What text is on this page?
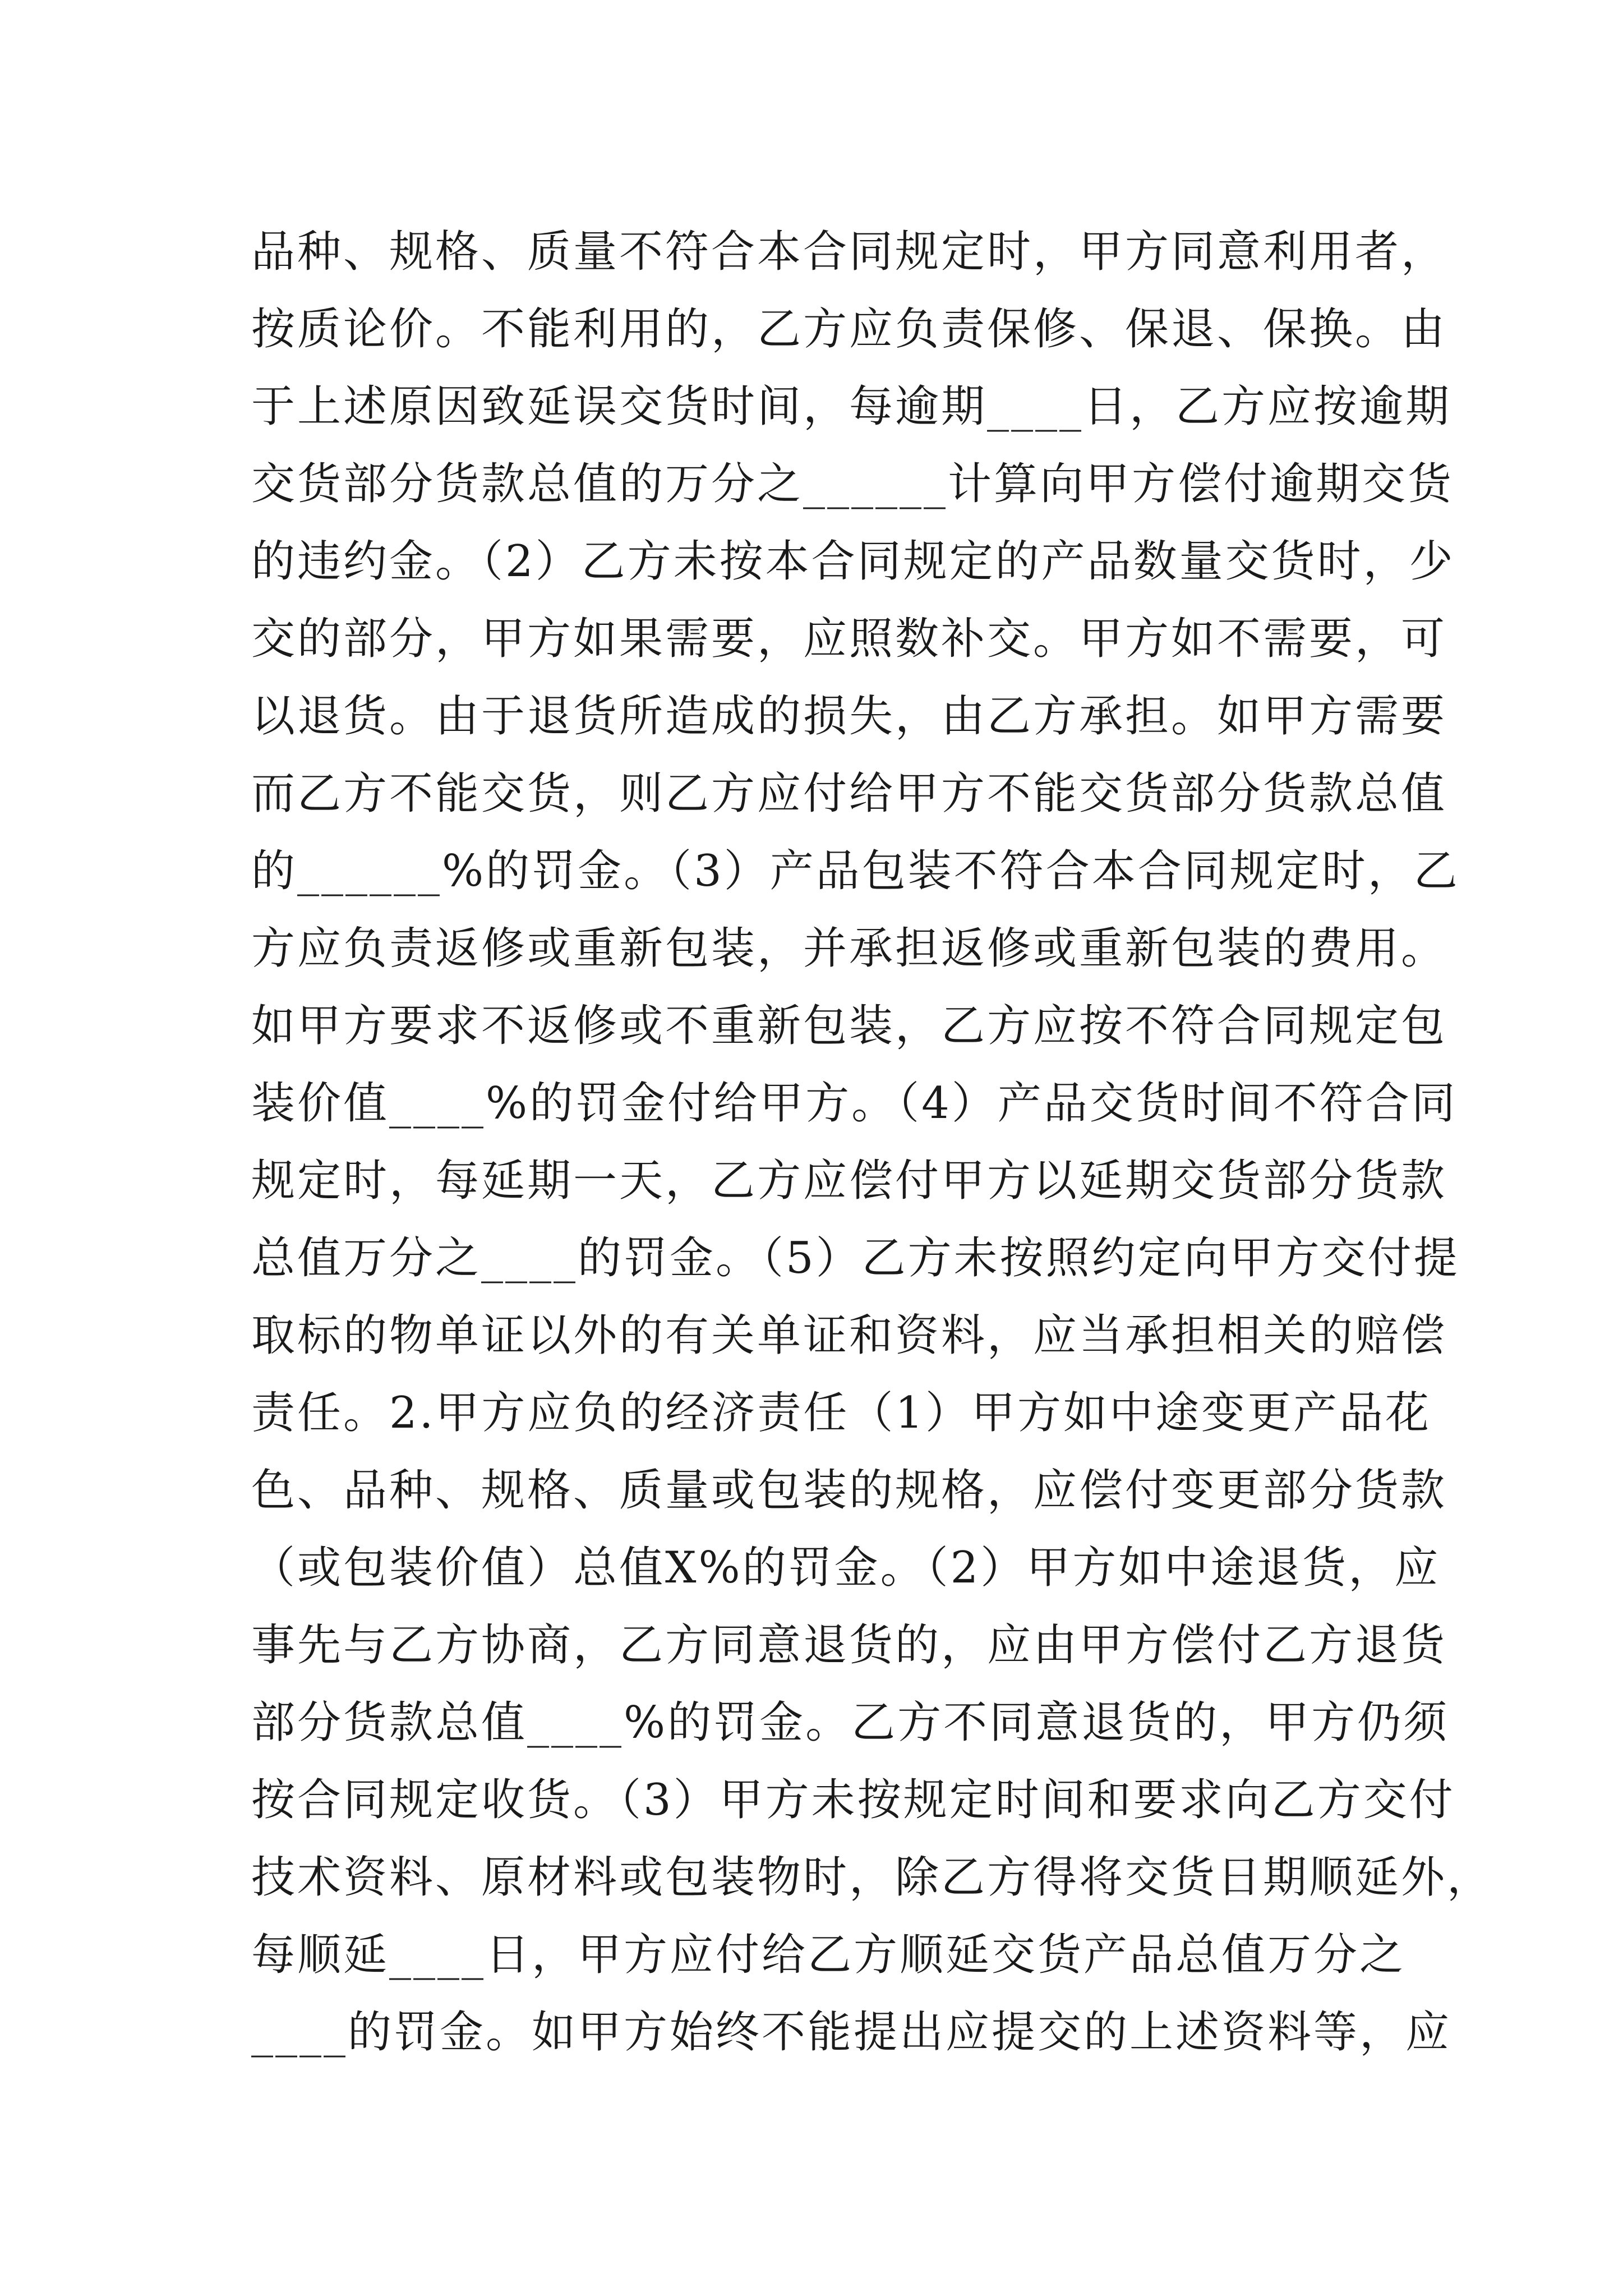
品种、规格、质量不符合本合同规定时，甲方同意利用者，
按质论价。不能利用的，乙方应负责保修、保退、保换。由
于上述原因致延误交货时间，每逾期____日，乙方应按逾期
交货部分货款总值的万分之______计算向甲方偿付逾期交货
的违约金。（2）乙方未按本合同规定的产品数量交货时，少
交的部分，甲方如果需要，应照数补交。甲方如不需要，可
以退货。由于退货所造成的损失，由乙方承担。如甲方需要
而乙方不能交货，则乙方应付给甲方不能交货部分货款总值
的______%的罚金。（3）产品包装不符合本合同规定时，乙
方应负责返修或重新包装，并承担返修或重新包装的费用。
如甲方要求不返修或不重新包装，乙方应按不符合同规定包
装价值____%的罚金付给甲方。（4）产品交货时间不符合同
规定时，每延期一天，乙方应偿付甲方以延期交货部分货款
总值万分之____的罚金。（5）乙方未按照约定向甲方交付提
取标的物单证以外的有关单证和资料，应当承担相关的赔偿
责任。2.甲方应负的经济责任（1）甲方如中途变更产品花
色、品种、规格、质量或包装的规格，应偿付变更部分货款
（或包装价值）总值X%的罚金。（2）甲方如中途退货，应
事先与乙方协商，乙方同意退货的，应由甲方偿付乙方退货
部分货款总值____%的罚金。乙方不同意退货的，甲方仍须
按合同规定收货。（3）甲方未按规定时间和要求向乙方交付
技术资料、原材料或包装物时，除乙方得将交货日期顺延外，
每顺延____日，甲方应付给乙方顺延交货产品总值万分之
____的罚金。如甲方始终不能提出应提交的上述资料等，应
